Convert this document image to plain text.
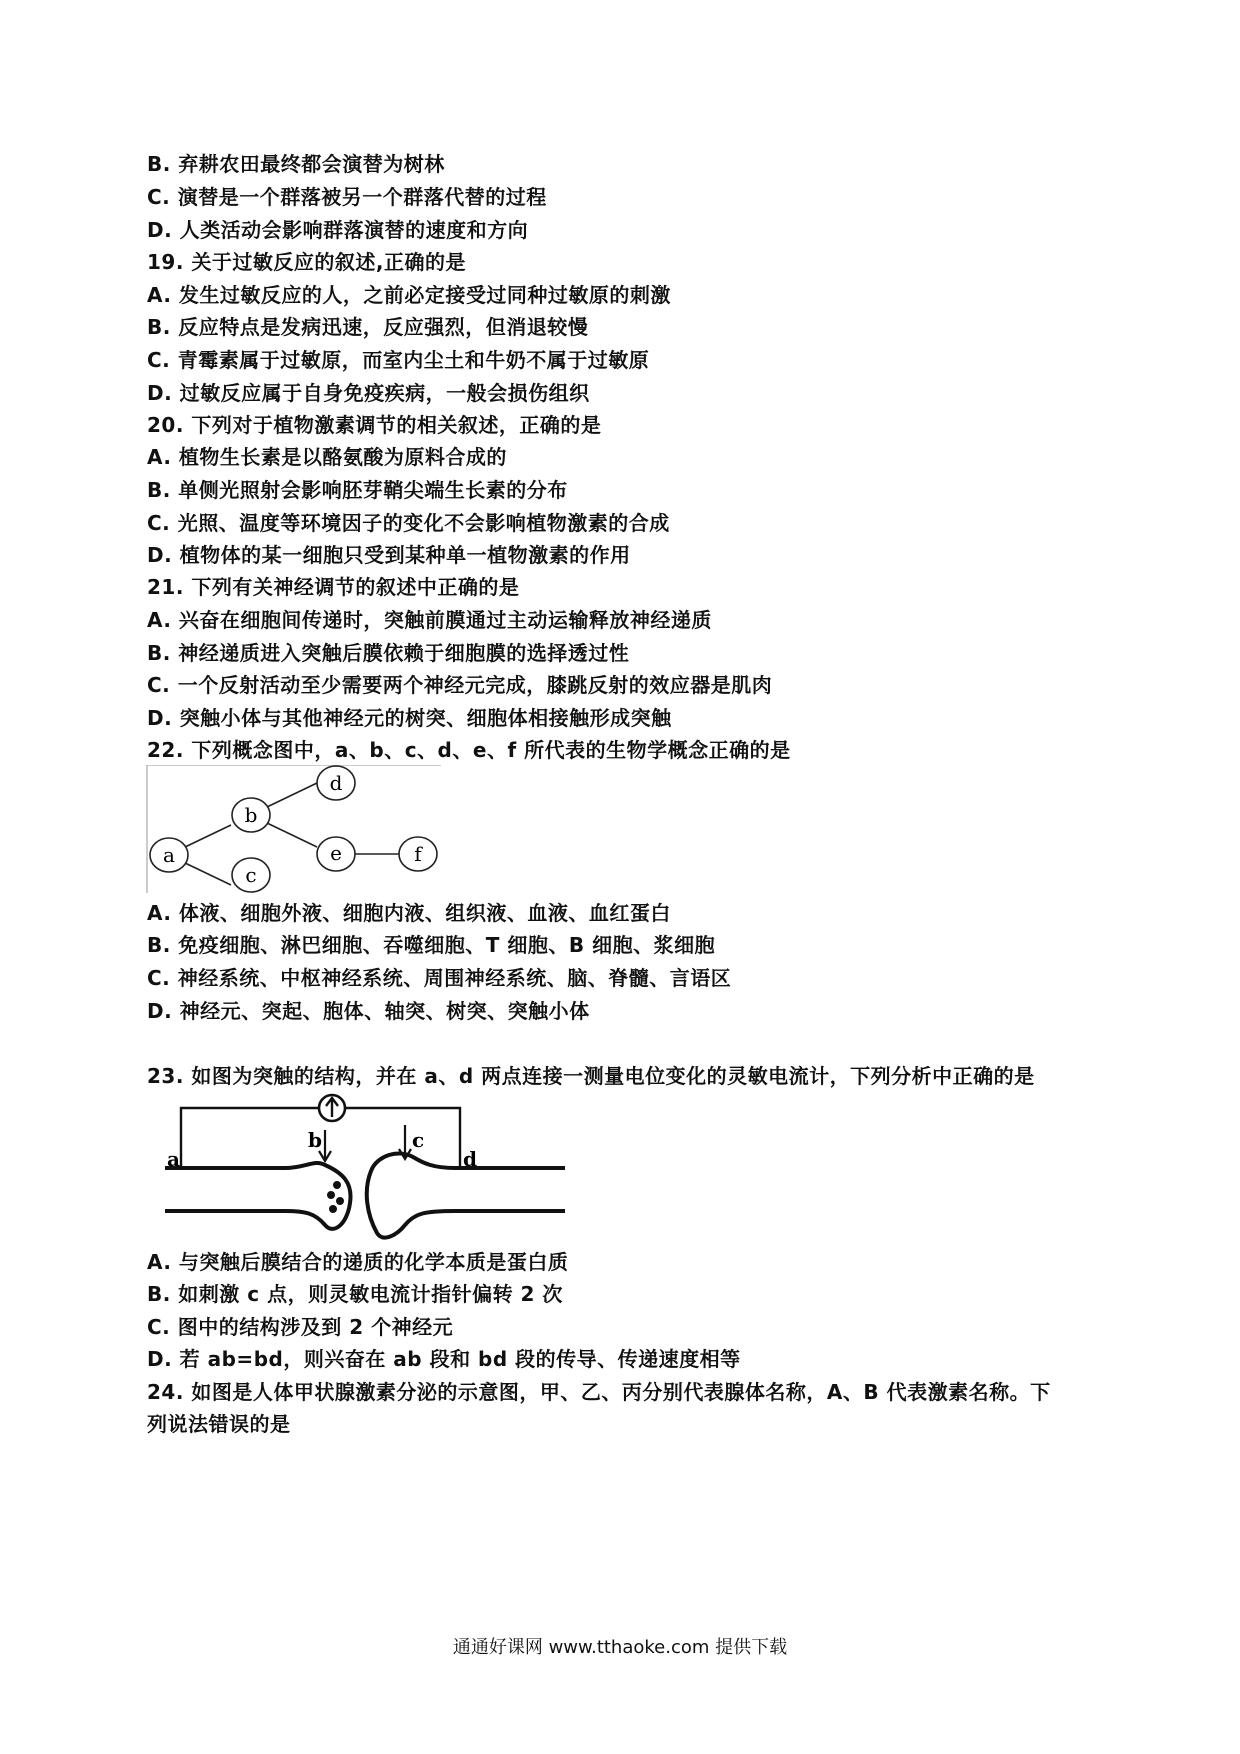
B. 弃耕农田最终都会演替为树林
C. 演替是一个群落被另一个群落代替的过程
D. 人类活动会影响群落演替的速度和方向
19. 关于过敏反应的叙述,正确的是
A. 发生过敏反应的人，之前必定接受过同种过敏原的刺激
B. 反应特点是发病迅速，反应强烈，但消退较慢
C. 青霉素属于过敏原，而室内尘土和牛奶不属于过敏原
D. 过敏反应属于自身免疫疾病，一般会损伤组织
20. 下列对于植物激素调节的相关叙述，正确的是
A. 植物生长素是以酪氨酸为原料合成的
B. 单侧光照射会影响胚芽鞘尖端生长素的分布
C. 光照、温度等环境因子的变化不会影响植物激素的合成
D. 植物体的某一细胞只受到某种单一植物激素的作用
21. 下列有关神经调节的叙述中正确的是
A. 兴奋在细胞间传递时，突触前膜通过主动运输释放神经递质
B. 神经递质进入突触后膜依赖于细胞膜的选择透过性
C. 一个反射活动至少需要两个神经元完成，膝跳反射的效应器是肌肉
D. 突触小体与其他神经元的树突、细胞体相接触形成突触
22. 下列概念图中，a、b、c、d、e、f 所代表的生物学概念正确的是
a
b
c
d
e	f
A. 体液、细胞外液、细胞内液、组织液、血液、血红蛋白
B. 免疫细胞、淋巴细胞、吞噬细胞、T 细胞、B 细胞、浆细胞
C. 神经系统、中枢神经系统、周围神经系统、脑、脊髓、言语区
D. 神经元、突起、胞体、轴突、树突、突触小体
23. 如图为突触的结构，并在 a、d 两点连接一测量电位变化的灵敏电流计，下列分析中正确的是
a
b	c
d
A. 与突触后膜结合的递质的化学本质是蛋白质
B. 如刺激 c 点，则灵敏电流计指针偏转 2 次
C. 图中的结构涉及到 2 个神经元
D. 若 ab=bd，则兴奋在 ab 段和 bd 段的传导、传递速度相等
24. 如图是人体甲状腺激素分泌的示意图，甲、乙、丙分别代表腺体名称，A、B 代表激素名称。下
列说法错误的是
通通好课网 www.tthaoke.com 提供下载
